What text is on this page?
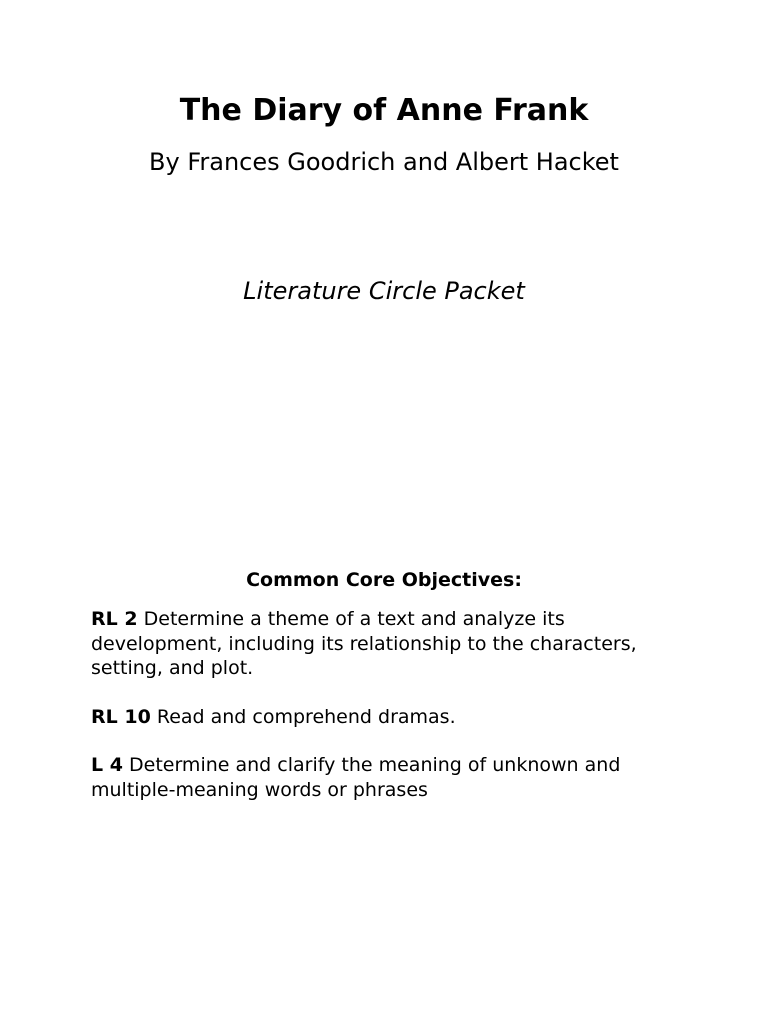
The Diary of Anne Frank

By Frances Goodrich and Albert Hacket

Literature Circle Packet

Common Core Objectives:
RL 2 Determine a theme of a text and analyze its development, including its relationship to the characters, setting, and plot.
RL 10 Read and comprehend dramas.
L 4 Determine and clarify the meaning of unknown and multiple-meaning words or phrases
